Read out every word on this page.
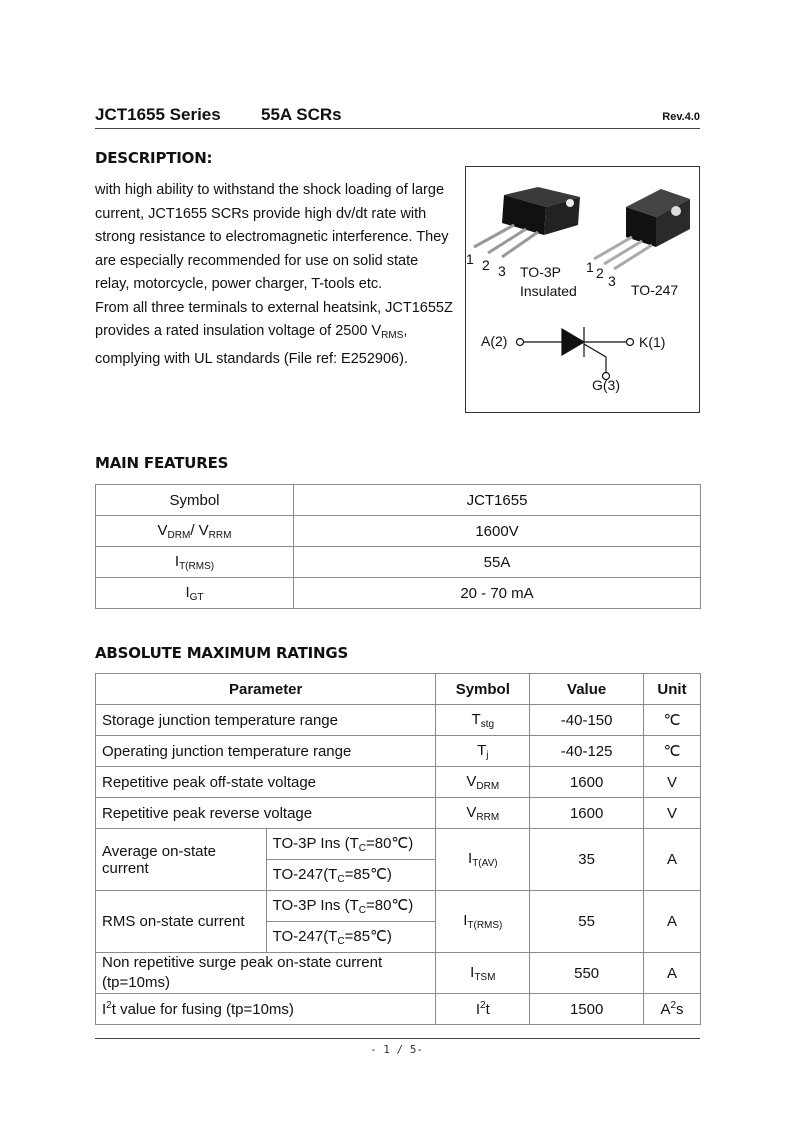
JCT1655 Series 55A SCRs	Rev.4.0
DESCRIPTION:

with high ability to withstand the shock loading of large current, JCT1655 SCRs provide high dv/dt rate with strong resistance to electromagnetic interference. They are especially recommended for use on solid state relay, motorcycle, power charger, T-tools etc.

From all three terminals to external heatsink, JCT1655Z provides a rated insulation voltage of 2500 $V_{RMS}$, complying with UL standards (File ref: E252906).

1 2 3 TO-3P
Insulated
1 2 3
TO-247
A(2)	K(1)
G(3)
MAIN FEATURES
Symbol	JCT1655
$V_{DRM}/$ $V_{RRM}$	1600V
$I_{T(RMS)}$	55A
$I_{GT}$	20 - 70 mA
ABSOLUTE MAXIMUM RATINGS
Parameter		Symbol	Value	Unit
Storage junction temperature range		$T_{stg}$	-40-150	℃
Operating junction temperature range		$T_j$	-40-125	℃
Repetitive peak off-state voltage		$V_{DRM}$	1600	V
Repetitive peak reverse voltage		$V_{RRM}$	1600	V
Average on-state current	TO-3P Ins $(T_C=80℃)$	$I_{T(AV)}$	35	A
	$TO-247(T_C=85℃)$			
RMS on-state current	TO-3P Ins $(T_C=80℃)$	$I_{T(RMS)}$	55	A
	$TO-247(T_C=85℃)$			
Non repetitive surge peak on-state current (tp=10ms)		$I_{TSM}$	550	A
$I^2t$ value for fusing (tp=10ms)		$I^2t$	1500	$A^2s$
- 1 / 5-
